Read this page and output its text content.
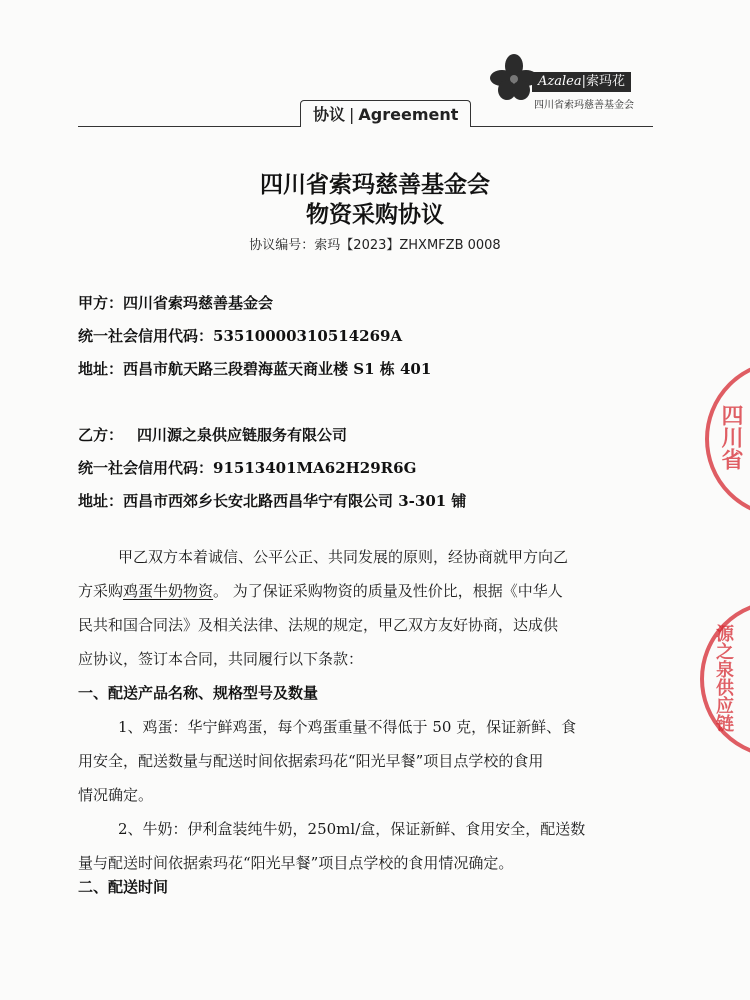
Azalea|索玛花
四川省索玛慈善基金会
协议 | Agreement
四川省索玛慈善基金会
物资采购协议
协议编号：索玛【2023】ZHXMFZB 0008
甲方：四川省索玛慈善基金会
统一社会信用代码：53510000310514269A
地址：西昌市航天路三段碧海蓝天商业楼 S1 栋 401
乙方： 四川源之泉供应链服务有限公司
统一社会信用代码：91513401MA62H29R6G
地址：西昌市西郊乡长安北路西昌华宁有限公司 3-301 铺
甲乙双方本着诚信、公平公正、共同发展的原则，经协商就甲方向乙
方采购鸡蛋牛奶物资。 为了保证采购物资的质量及性价比，根据《中华人
民共和国合同法》及相关法律、法规的规定，甲乙双方友好协商，达成供
应协议，签订本合同，共同履行以下条款：
一、配送产品名称、规格型号及数量
1、鸡蛋：华宁鲜鸡蛋，每个鸡蛋重量不得低于 50 克，保证新鲜、食
用安全，配送数量与配送时间依据索玛花“阳光早餐”项目点学校的食用
情况确定。
2、牛奶：伊利盒装纯牛奶，250ml/盒，保证新鲜、食用安全，配送数
量与配送时间依据索玛花“阳光早餐”项目点学校的食用情况确定。
二、配送时间
四川省
源之泉供应链
